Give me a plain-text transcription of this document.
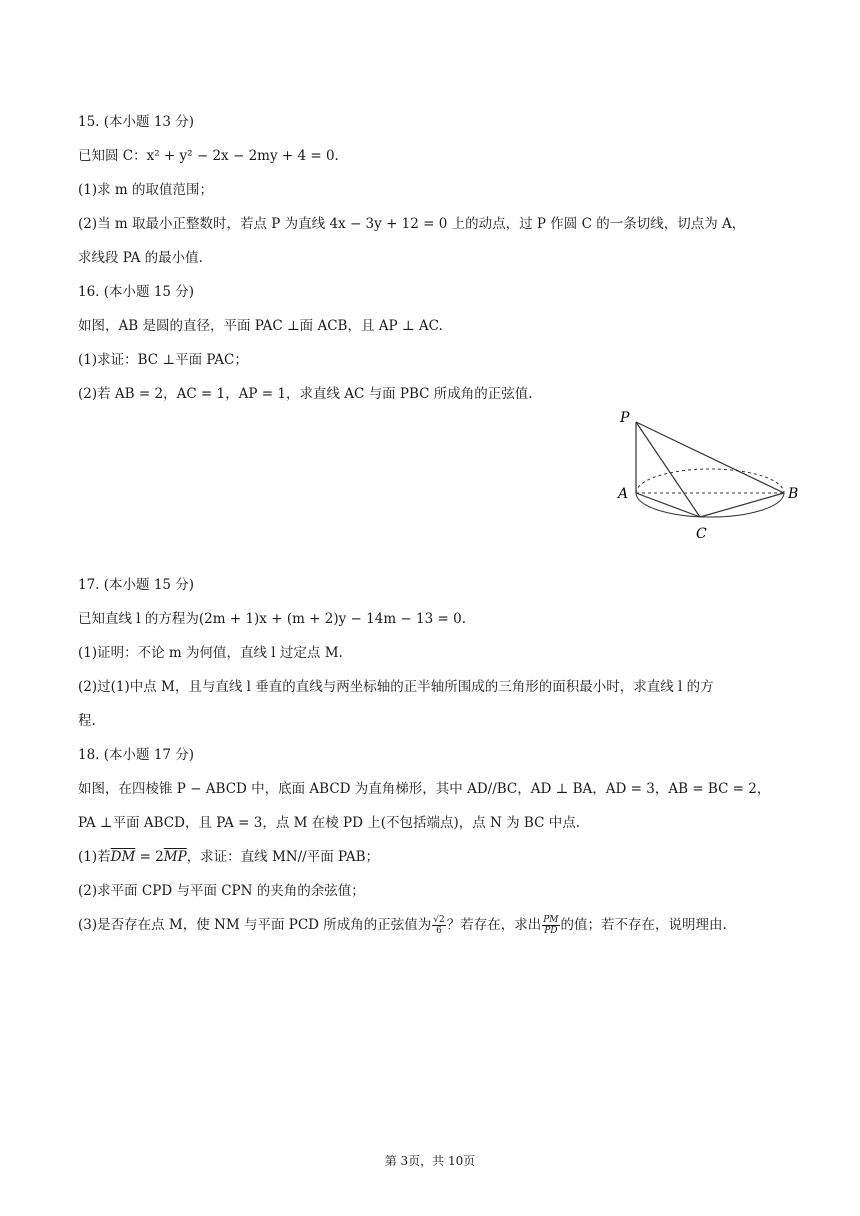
15. (本小题 13 分)
已知圆 C：x² + y² − 2x − 2my + 4 = 0.
(1)求 m 的取值范围；
(2)当 m 取最小正整数时，若点 P 为直线 4x − 3y + 12 = 0 上的动点，过 P 作圆 C 的一条切线，切点为 A，
求线段 PA 的最小值.
16. (本小题 15 分)
如图，AB 是圆的直径，平面 PAC ⊥面 ACB，且 AP ⊥ AC.
(1)求证：BC ⊥平面 PAC；
(2)若 AB = 2，AC = 1，AP = 1，求直线 AC 与面 PBC 所成角的正弦值.
P
A	B
C
17. (本小题 15 分)
已知直线 l 的方程为(2m + 1)x + (m + 2)y − 14m − 13 = 0.
(1)证明：不论 m 为何值，直线 l 过定点 M.
(2)过(1)中点 M，且与直线 l 垂直的直线与两坐标轴的正半轴所围成的三角形的面积最小时，求直线 l 的方
程.
18. (本小题 17 分)
如图，在四棱锥 P − ABCD 中，底面 ABCD 为直角梯形，其中 AD//BC，AD ⊥ BA，AD = 3，AB = BC = 2，
PA ⊥平面 ABCD，且 PA = 3，点 M 在棱 PD 上(不包括端点)，点 N 为 BC 中点.
(1)若$\overline{DM} = 2\overline{MP}$，求证：直线 MN//平面 PAB；
(2)求平面 CPD 与平面 CPN 的夹角的余弦值；
(3)是否存在点 M，使 NM 与平面 PCD 所成角的正弦值为 $\frac{√2}{6}$ ？若存在，求出 $\frac{PM}{PD}$ 的值；若不存在，说明理由.
第 3页，共 10页
